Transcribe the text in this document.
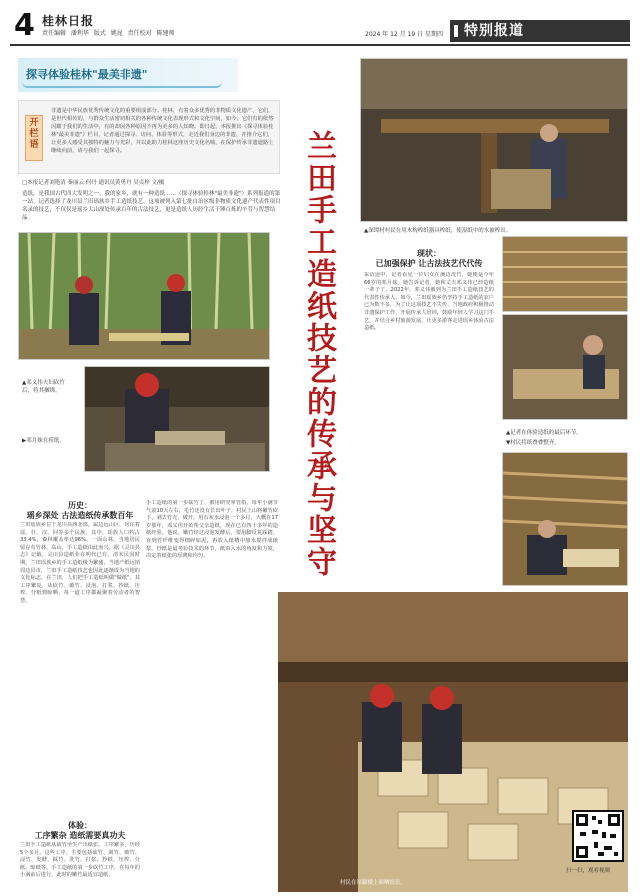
4 桂林日报
责任编辑 潘利华 版式 姚昆 责任校对 陈建师	2024 年 12 月 19 日 星期四	特别报道
探寻体验桂林"最美非遗"
开栏语
非遗是中华民族优秀传统文化的重要组成部分。桂林，有着众多优秀的非物质文化遗产，它们，是世代相传的，与群众生活密切相关的各种传统文化表现形式和文化空间，如今，它们有的依然闪耀于我们的生活中，有的却因各种原因不再为更多的人知晓。即日起，本报推出《探寻体验桂林"最美非遗"》栏目，记者通过探寻、访问、体验等形式，走近我们身边的非遗，并推介它们，让更多人感受其独特的魅力与光彩，并以此助力桂林这座历史文化名城，在保护传承非遗道路上继续向前，请与我们一起探寻。
□本报记者刘艳清 秦丽云 何丹 通讯员黄勇丹 吴贞梓 文/摄
造纸，是我国古代四大发明之一。我的家乡，就有一种造纸……（探寻体验桂林"最美非遗"）系列报道的第一站。记者选择了龙川县兰田瑶族乡手工造纸技艺。这项被列入第七批自治区级非物质文化遗产代表性项目名录的技艺，不仅仅是瑶乡大山深处传承百年的古法技艺，更是造纸人历经生活千锤百炼的辛劳与智慧结晶。
▲邓义伟夫妇砍竹后，将其捆绑。
▶邓月妹在捞纸。
历史：
瑶乡深处 古法造纸传承数百年
兰田瑶族乡位于龙川县西北部，属边远山区，居住着瑶、壮、汉、回等多个民族，其中，瑶族人口约占33.4%，森林覆盖率达96%，一面山林，当地居民留存有竹林、高山，手工造纸由此而兴。据《灵川县志》记载，灵川县造纸业在明代已有，清末民国时期，兰田瑶族乡的手工造纸极为繁盛，当地产纸远销周边县市，兰田手工造纸技艺也因此逐渐成为当地的文化标志。在兰田，人们把手工造纸叫做"做纸"，其工序繁复，从砍竹、破竹、浸泡、打浆、抄纸、压榨、分纸到晾晒，每一道工序都凝聚着劳动者的智慧。
体验：
工序繁杂 造纸需要真功夫
兰田手工造纸从砍竹至生产出纸张，工序繁多，历经5个多月。这些工序，主要包括砍竹、剥竹、破竹、浸竹、发酵、踩竹、洗竹、打浆、抄纸、压榨、分纸、晾纸等。手工造纸的第一步砍竹工序，在每年的小满前后进行，此时的嫩竹最适宜造纸。
手工造纸的第一步砍竹了，被用研究掌管指，每年小满节气前10天左右，毛竹还没有长出叶子，村民上山将嫩竹砍下，剥去竹壳，破开，用石灰水浸泡一个多月。大概在17岁那年，邓义伟开始帮父亲造纸，现在已有四十多年的造纸经验。他说，嫩竹经过浸泡发酵后，要用脚反复踩踏，直到竹纤维变得细碎如泥，再放入纸槽中加水搅拌成纸浆。抄纸是最考验技术的环节，纸帘入水的角度和力度，决定着纸张的厚薄和均匀。	兰田手工造纸技艺的传承与坚守	▲深谭村村民在用木构榨纸器具榨纸，使湿纸中的水被榨出。
现状：
已加强保护 让古法技艺代代传
采访途中，记者看见一位妇女在溪边洗竹，她便是今年66岁的邓月妹。她告诉记者，她和丈夫邓义伟已经造纸一辈子了。2022年，邓义伟被列为兰田手工造纸技艺的代表性传承人。如今，兰田瑶族乡仍坚持手工造纸的农户已为数不多，为了让这项技艺不失传，当地政府积极推动非遗保护工作，开展传承人培训，鼓励年轻人学习这门手艺，并结合乡村旅游发展，让更多游客走进瑶乡体验古法造纸。
▲记者在体验造纸的最后环节。
▼村民将纸叠叠整齐。
村民在吊脚楼上晾晒纸张。
扫一扫，观看视频
